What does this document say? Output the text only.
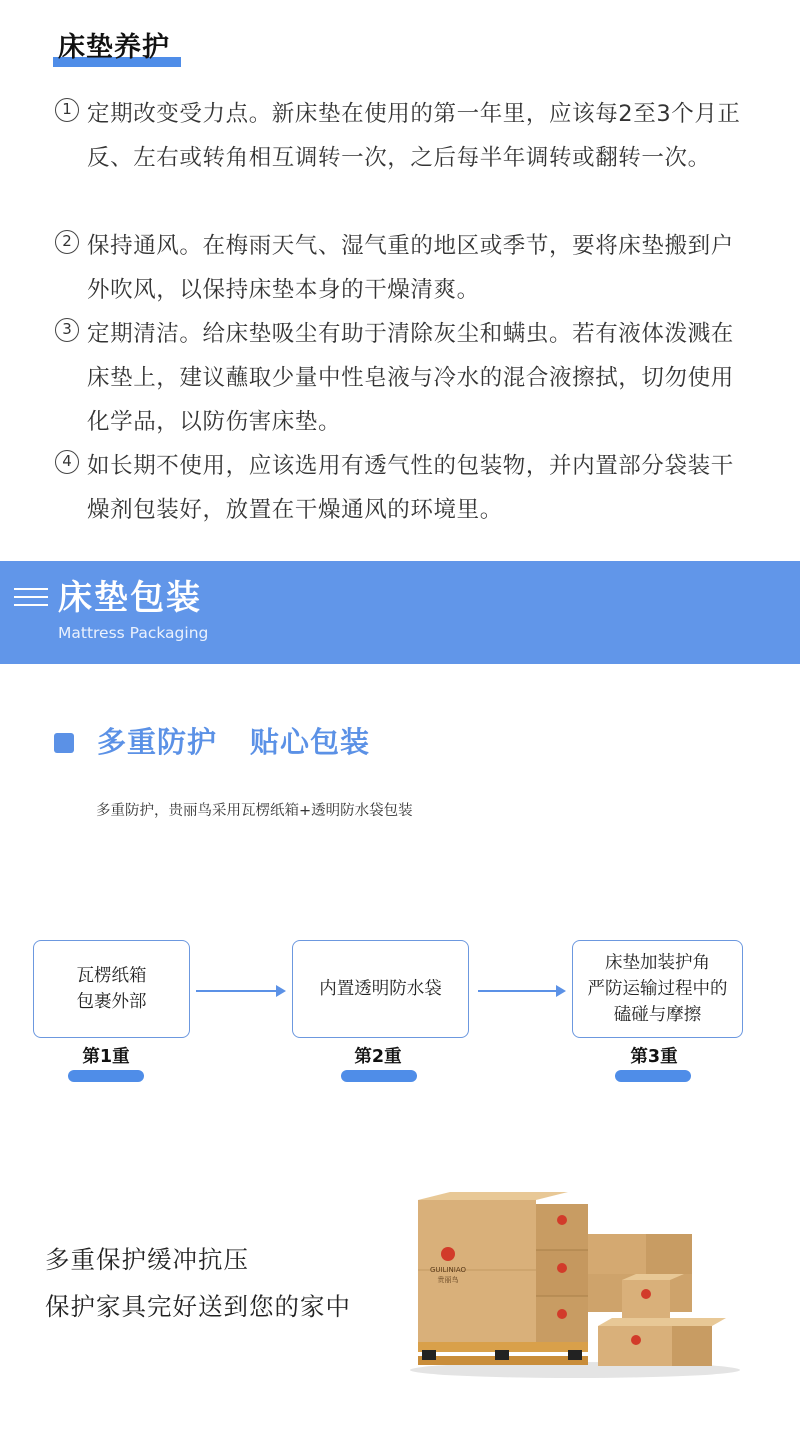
床垫养护
1 定期改变受力点。新床垫在使用的第一年里，应该每2至3个月正反、左右或转角相互调转一次，之后每半年调转或翻转一次。
2 保持通风。在梅雨天气、湿气重的地区或季节，要将床垫搬到户外吹风，以保持床垫本身的干燥清爽。
3 定期清洁。给床垫吸尘有助于清除灰尘和螨虫。若有液体泼溅在床垫上，建议蘸取少量中性皂液与冷水的混合液擦拭，切勿使用化学品，以防伤害床垫。
4 如长期不使用，应该选用有透气性的包装物，并内置部分袋装干燥剂包装好，放置在干燥通风的环境里。
床垫包装
Mattress Packaging
多重防护 贴心包装
多重防护，贵丽鸟采用瓦楞纸箱+透明防水袋包装
瓦楞纸箱
包裹外部
内置透明防水袋
床垫加装护角
严防运输过程中的
磕碰与摩擦
第1重	第2重	第3重
多重保护缓冲抗压
保护家具完好送到您的家中
GUILINIAO
贵丽鸟
